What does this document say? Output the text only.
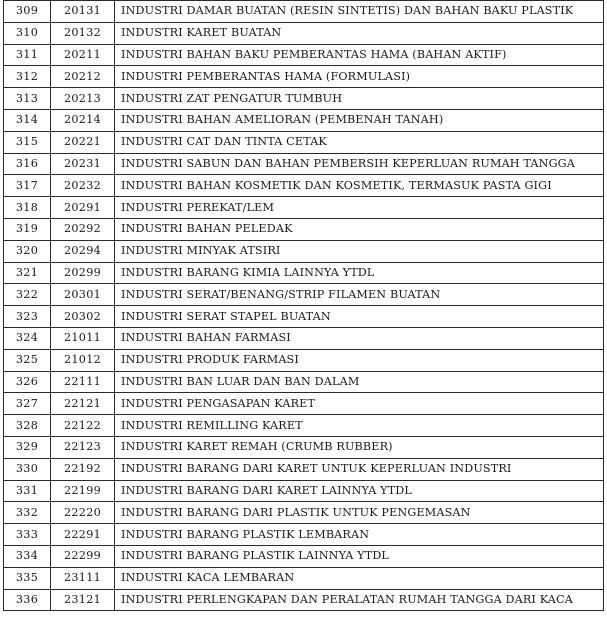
309	20131	INDUSTRI DAMAR BUATAN (RESIN SINTETIS) DAN BAHAN BAKU PLASTIK
310	20132	INDUSTRI KARET BUATAN
311	20211	INDUSTRI BAHAN BAKU PEMBERANTAS HAMA (BAHAN AKTIF)
312	20212	INDUSTRI PEMBERANTAS HAMA (FORMULASI)
313	20213	INDUSTRI ZAT PENGATUR TUMBUH
314	20214	INDUSTRI BAHAN AMELIORAN (PEMBENAH TANAH)
315	20221	INDUSTRI CAT DAN TINTA CETAK
316	20231	INDUSTRI SABUN DAN BAHAN PEMBERSIH KEPERLUAN RUMAH TANGGA
317	20232	INDUSTRI BAHAN KOSMETIK DAN KOSMETIK, TERMASUK PASTA GIGI
318	20291	INDUSTRI PEREKAT/LEM
319	20292	INDUSTRI BAHAN PELEDAK
320	20294	INDUSTRI MINYAK ATSIRI
321	20299	INDUSTRI BARANG KIMIA LAINNYA YTDL
322	20301	INDUSTRI SERAT/BENANG/STRIP FILAMEN BUATAN
323	20302	INDUSTRI SERAT STAPEL BUATAN
324	21011	INDUSTRI BAHAN FARMASI
325	21012	INDUSTRI PRODUK FARMASI
326	22111	INDUSTRI BAN LUAR DAN BAN DALAM
327	22121	INDUSTRI PENGASAPAN KARET
328	22122	INDUSTRI REMILLING KARET
329	22123	INDUSTRI KARET REMAH (CRUMB RUBBER)
330	22192	INDUSTRI BARANG DARI KARET UNTUK KEPERLUAN INDUSTRI
331	22199	INDUSTRI BARANG DARI KARET LAINNYA YTDL
332	22220	INDUSTRI BARANG DARI PLASTIK UNTUK PENGEMASAN
333	22291	INDUSTRI BARANG PLASTIK LEMBARAN
334	22299	INDUSTRI BARANG PLASTIK LAINNYA YTDL
335	23111	INDUSTRI KACA LEMBARAN
336	23121	INDUSTRI PERLENGKAPAN DAN PERALATAN RUMAH TANGGA DARI KACA
